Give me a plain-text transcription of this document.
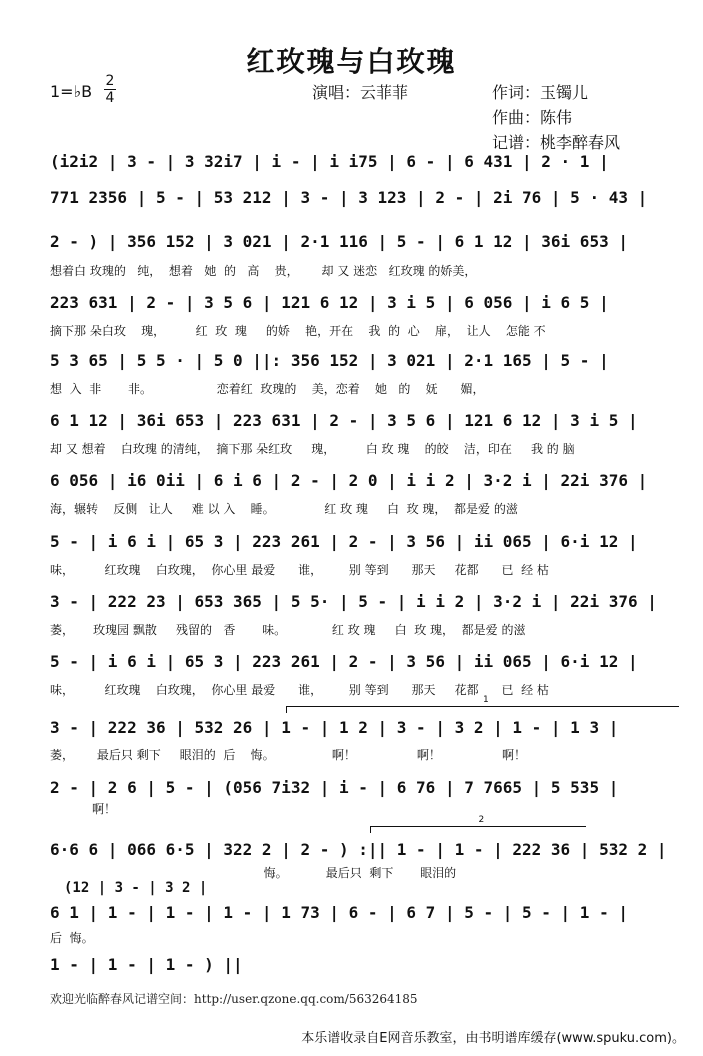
红玫瑰与白玫瑰
1=♭B
2
4	演唱：云菲菲	作词：玉镯儿
作曲：陈伟
记谱：桃李醉春风
(i2i2 | 3 - | 3 32i7 | i - | i i75 | 6 - | 6 431 | 2 · 1 |
771 2356 | 5 - | 53 212 | 3 - | 3 123 | 2 - | 2i 76 | 5 · 43 |
2 - ) | 356 152 | 3 021 | 2·1 116 | 5 - | 6 1 12 | 36i 653 |
想着白 玫瑰的   纯，  想着   她  的   高    贵，      却 又 迷恋   红玫瑰 的娇美，
223 631 | 2 - | 3 5 6 | 121 6 12 | 3 i 5 | 6 056 | i 6 5 |
摘下那 朵白玫    瑰，        红  玫  瑰     的娇    艳，开在    我  的  心    扉，  让人    怎能 不
5 3 65 | 5 5 · | 5 0 ||: 356 152 | 3 021 | 2·1 165 | 5 - |
想  入  非       非。                 恋着红  玫瑰的    美，恋着    她   的    妩      媚，
6 1 12 | 36i 653 | 223 631 | 2 - | 3 5 6 | 121 6 12 | 3 i 5 |
却 又 想着    白玫瑰 的清纯，  摘下那 朵红玫     瑰，        白 玫 瑰    的皎    洁，印在     我 的 脑
6 056 | i6 0ii | 6 i 6 | 2 - | 2 0 | i i 2 | 3·2 i | 22i 376 |
海，辗转    反侧   让人     难 以 入    睡。             红 玫 瑰     白  玫 瑰，  都是爱 的滋
5 - | i 6 i | 65 3 | 223 261 | 2 - | 3 56 | ii 065 | 6·i 12 |
味，        红玫瑰    白玫瑰，  你心里 最爱      谁，       别 等到      那天     花都      已  经 枯
3 - | 222 23 | 653 365 | 5 5· | 5 - | i i 2 | 3·2 i | 22i 376 |
萎，     玫瑰园 飘散     残留的   香       味。            红 玫 瑰     白  玫 瑰，  都是爱 的滋
5 - | i 6 i | 65 3 | 223 261 | 2 - | 3 56 | ii 065 | 6·i 12 |
味，        红玫瑰    白玫瑰，  你心里 最爱      谁，       别 等到      那天     花都      已  经 枯
1
3 - | 222 36 | 532 26 | 1 - | 1 2 | 3 - | 3 2 | 1 - | 1 3 |
萎，      最后只 剩下     眼泪的  后    悔。               啊！                啊！                啊！
2 - | 2 6 | 5 - | (056 7i32 | i - | 6 76 | 7 7665 | 5 535 |
啊！
2
6·6 6 | 066 6·5 | 322 2 | 2 - ) :|| 1 - | 1 - | 222 36 | 532 2 |
悔。          最后只  剩下       眼泪的
(12 | 3 - | 3 2 |
6 1 | 1 - | 1 - | 1 - | 1 73 | 6 - | 6 7 | 5 - | 5 - | 1 - |
后  悔。
1 - | 1 - | 1 - ) ||
欢迎光临醉春风记谱空间：http://user.qzone.qq.com/563264185
本乐谱收录自E网音乐教室，由书明谱库缓存(www.spuku.com)。
